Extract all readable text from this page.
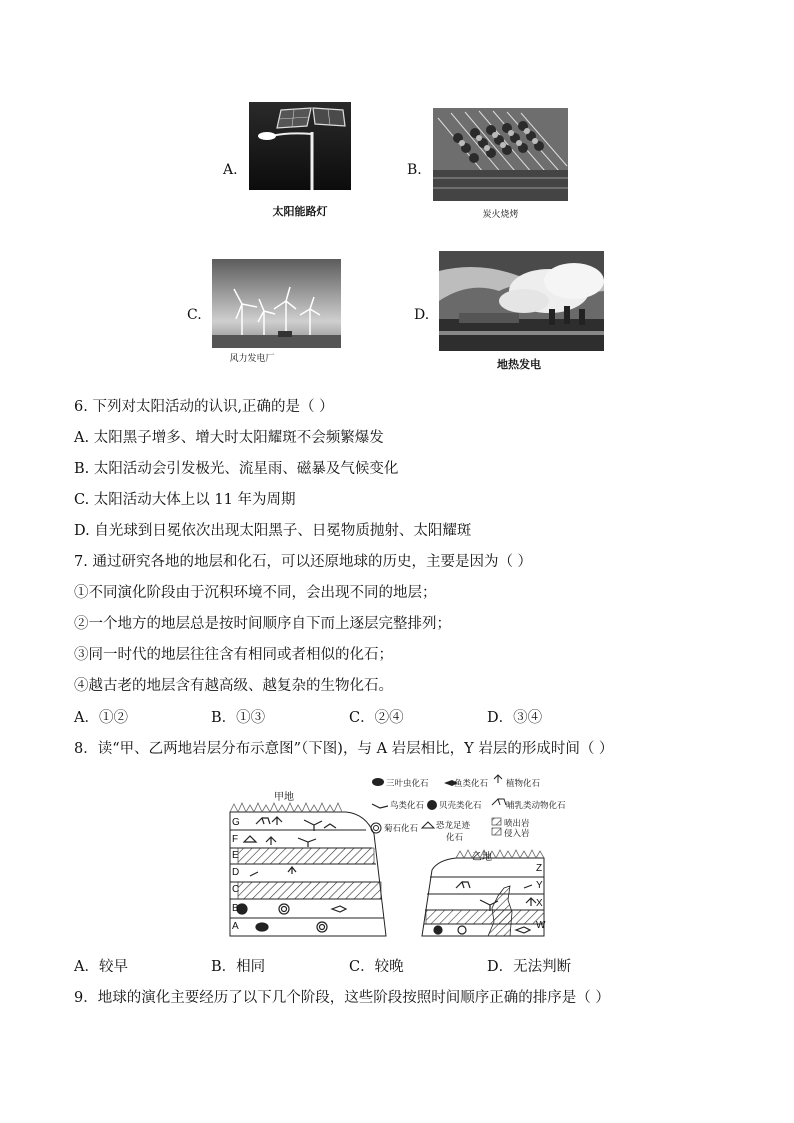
A.
太阳能路灯
B.
炭火烧烤
C.
风力发电厂
D.
地热发电
6. 下列对太阳活动的认识,正确的是（ ）
A. 太阳黑子增多、增大时太阳耀斑不会频繁爆发
B. 太阳活动会引发极光、流星雨、磁暴及气候变化
C. 太阳活动大体上以 11 年为周期
D. 自光球到日冕依次出现太阳黑子、日冕物质抛射、太阳耀斑
7. 通过研究各地的地层和化石，可以还原地球的历史，主要是因为（ ）
①不同演化阶段由于沉积环境不同，会出现不同的地层；
②一个地方的地层总是按时间顺序自下而上逐层完整排列；
③同一时代的地层往往含有相同或者相似的化石；
④越古老的地层含有越高级、越复杂的生物化石。
A．①②	B．①③	C．②④	D．③④
8．读“甲、乙两地岩层分布示意图”（下图)，与 A 岩层相比，Y 岩层的形成时间（ ）
甲地
乙地
G
F
E
D
C
B
A
Z
Y
X
W
三叶虫化石	鱼类化石 植物化石
鸟类化石 贝壳类化石	哺乳类动物化石
菊石化石 恐龙足迹
化石
喷出岩
侵入岩
A．较早	B．相同	C．较晚	D．无法判断
9．地球的演化主要经历了以下几个阶段，这些阶段按照时间顺序正确的排序是（ ）
